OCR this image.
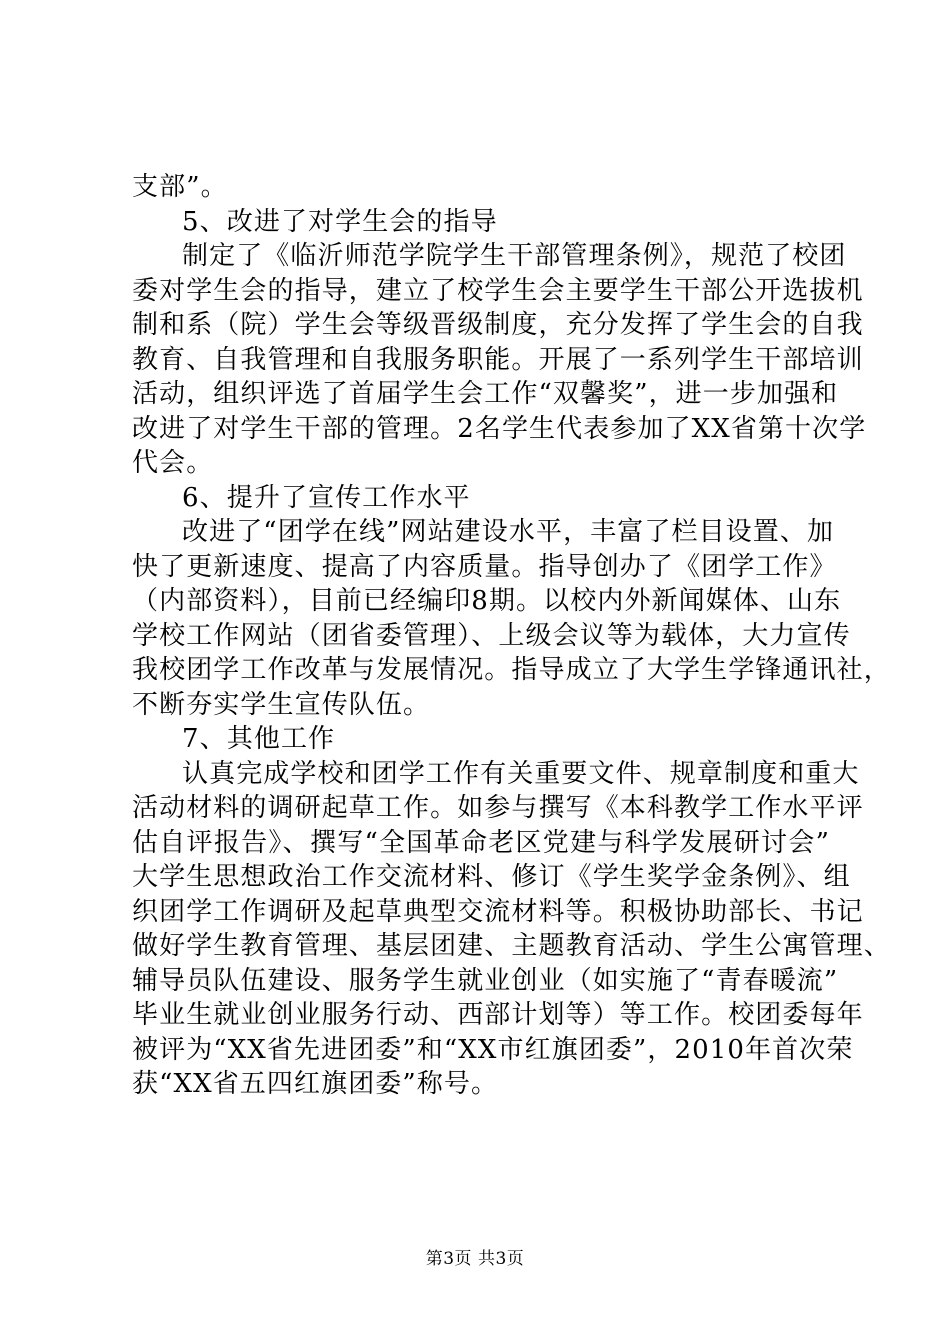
支部”。
5、改进了对学生会的指导
制定了《临沂师范学院学生干部管理条例》，规范了校团
委对学生会的指导，建立了校学生会主要学生干部公开选拔机
制和系（院）学生会等级晋级制度，充分发挥了学生会的自我
教育、自我管理和自我服务职能。开展了一系列学生干部培训
活动，组织评选了首届学生会工作“双馨奖”，进一步加强和
改进了对学生干部的管理。2名学生代表参加了XX省第十次学
代会。
6、提升了宣传工作水平
改进了“团学在线”网站建设水平，丰富了栏目设置、加
快了更新速度、提高了内容质量。指导创办了《团学工作》
（内部资料），目前已经编印8期。以校内外新闻媒体、山东
学校工作网站（团省委管理）、上级会议等为载体，大力宣传
我校团学工作改革与发展情况。指导成立了大学生学锋通讯社，
不断夯实学生宣传队伍。
7、其他工作
认真完成学校和团学工作有关重要文件、规章制度和重大
活动材料的调研起草工作。如参与撰写《本科教学工作水平评
估自评报告》、撰写“全国革命老区党建与科学发展研讨会”
大学生思想政治工作交流材料、修订《学生奖学金条例》、组
织团学工作调研及起草典型交流材料等。积极协助部长、书记
做好学生教育管理、基层团建、主题教育活动、学生公寓管理、
辅导员队伍建设、服务学生就业创业（如实施了“青春暖流”
毕业生就业创业服务行动、西部计划等）等工作。校团委每年
被评为“XX省先进团委”和“XX市红旗团委”，2010年首次荣
获“XX省五四红旗团委”称号。
第3页 共3页
